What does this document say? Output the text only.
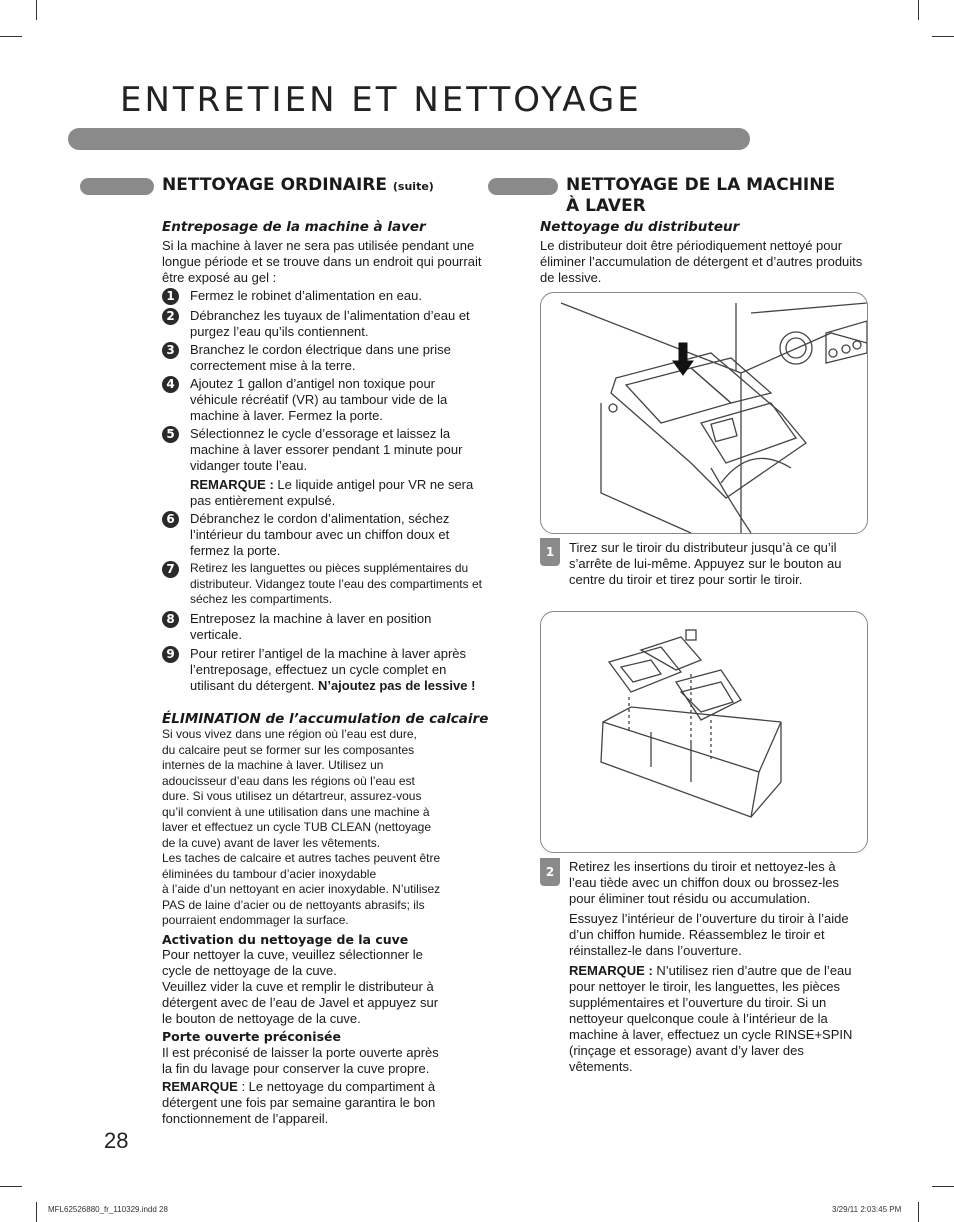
ENTRETIEN ET NETTOYAGE
NETTOYAGE ORDINAIRE (suite)
Entreposage de la machine à laver
Si la machine à laver ne sera pas utilisée pendant une longue période et se trouve dans un endroit qui pourrait être exposé au gel :
1	Fermez le robinet d’alimentation en eau.
2	Débranchez les tuyaux de l’alimentation d’eau et purgez l’eau qu’ils contiennent.
3	Branchez le cordon électrique dans une prise correctement mise à la terre.
4	Ajoutez 1 gallon d’antigel non toxique pour véhicule récréatif (VR) au tambour vide de la machine à laver. Fermez la porte.
5	Sélectionnez le cycle d’essorage et laissez la machine à laver essorer pendant 1 minute pour vidanger toute l’eau.
REMARQUE : Le liquide antigel pour VR ne sera pas entièrement expulsé.
6	Débranchez le cordon d’alimentation, séchez l’intérieur du tambour avec un chiffon doux et fermez la porte.
7	Retirez les languettes ou pièces supplémentaires du distributeur. Vidangez toute l’eau des compartiments et séchez les compartiments.
8	Entreposez la machine à laver en position verticale.
9	Pour retirer l’antigel de la machine à laver après l’entreposage, effectuez un cycle complet en utilisant du détergent. N’ajoutez pas de lessive !
ÉLIMINATION de l’accumulation de calcaire
Si vous vivez dans une région où l’eau est dure,
du calcaire peut se former sur les composantes
internes de la machine à laver. Utilisez un
adoucisseur d’eau dans les régions où l’eau est
dure. Si vous utilisez un détartreur, assurez-vous
qu’il convient à une utilisation dans une machine à
laver et effectuez un cycle TUB CLEAN (nettoyage
de la cuve) avant de laver les vêtements.
Les taches de calcaire et autres taches peuvent être
éliminées du tambour d’acier inoxydable
à l’aide d’un nettoyant en acier inoxydable. N’utilisez
PAS de laine d’acier ou de nettoyants abrasifs; ils
pourraient endommager la surface.
Activation du nettoyage de la cuve
Pour nettoyer la cuve, veuillez sélectionner le
cycle de nettoyage de la cuve.
Veuillez vider la cuve et remplir le distributeur à
détergent avec de l’eau de Javel et appuyez sur
le bouton de nettoyage de la cuve.
Porte ouverte préconisée
Il est préconisé de laisser la porte ouverte après
la fin du lavage pour conserver la cuve propre.
REMARQUE : Le nettoyage du compartiment à détergent une fois par semaine garantira le bon fonctionnement de l’appareil.
28
NETTOYAGE DE LA MACHINE
À LAVER
Nettoyage du distributeur
Le distributeur doit être périodiquement nettoyé pour éliminer l’accumulation de détergent et d’autres produits de lessive.
1	Tirez sur le tiroir du distributeur jusqu’à ce qu’il s’arrête de lui-même. Appuyez sur le bouton au centre du tiroir et tirez pour sortir le tiroir.
2	Retirez les insertions du tiroir et nettoyez-les à l’eau tiède avec un chiffon doux ou brossez-les pour éliminer tout résidu ou accumulation.
Essuyez l’intérieur de l’ouverture du tiroir à l’aide d’un chiffon humide. Réassemblez le tiroir et réinstallez-le dans l’ouverture.
REMARQUE : N’utilisez rien d’autre que de l’eau pour nettoyer le tiroir, les languettes, les pièces supplémentaires et l’ouverture du tiroir. Si un nettoyeur quelconque coule à l’intérieur de la machine à laver, effectuez un cycle RINSE+SPIN (rinçage et essorage) avant d’y laver des vêtements.
MFL62526880_fr_110329.indd 28	3/29/11 2:03:45 PM
